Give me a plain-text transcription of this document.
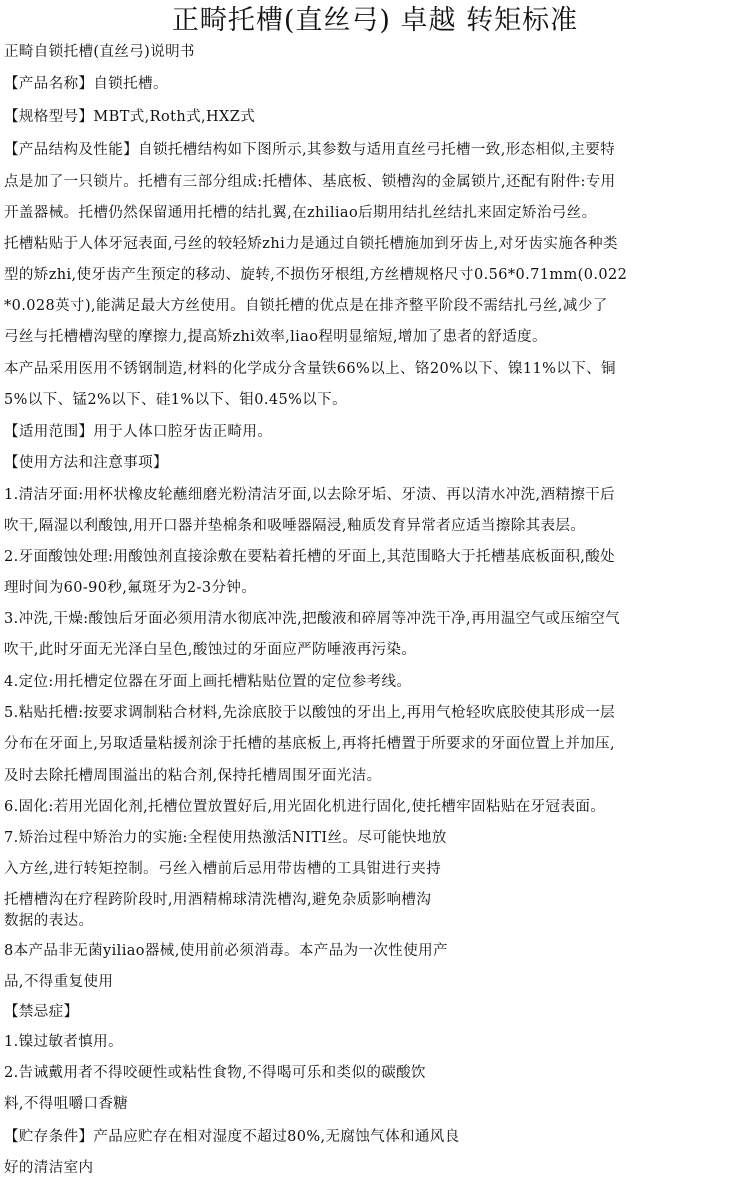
正畸托槽(直丝弓) 卓越 转矩标准
正畸自锁托槽(直丝弓)说明书
【产品名称】自锁托槽。
【规格型号】MBT式,Roth式,HXZ式
【产品结构及性能】自锁托槽结构如下图所示,其参数与适用直丝弓托槽一致,形态相似,主要特
点是加了一只锁片。托槽有三部分组成:托槽体、基底板、锁槽沟的金属锁片,还配有附件:专用
开盖器械。托槽仍然保留通用托槽的结扎翼,在zhiliao后期用结扎丝结扎来固定矫治弓丝。
托槽粘贴于人体牙冠表面,弓丝的较轻矫zhi力是通过自锁托槽施加到牙齿上,对牙齿实施各种类
型的矫zhi,使牙齿产生预定的移动、旋转,不损伤牙根组,方丝槽规格尺寸0.56*0.71mm(0.022
*0.028英寸),能满足最大方丝使用。自锁托槽的优点是在排齐整平阶段不需结扎弓丝,减少了
弓丝与托槽槽沟壁的摩擦力,提高矫zhi效率,liao程明显缩短,增加了患者的舒适度。
本产品采用医用不锈钢制造,材料的化学成分含量铁66%以上、铬20%以下、镍11%以下、铜
5%以下、锰2%以下、硅1%以下、钼0.45%以下。
【适用范围】用于人体口腔牙齿正畸用。
【使用方法和注意事项】
1.清洁牙面:用杯状橡皮轮蘸细磨光粉清洁牙面,以去除牙垢、牙渍、再以清水冲洗,酒精擦干后
吹干,隔湿以利酸蚀,用开口器并垫棉条和吸唾器隔浸,釉质发育异常者应适当擦除其表层。
2.牙面酸蚀处理:用酸蚀剂直接涂敷在要粘着托槽的牙面上,其范围略大于托槽基底板面积,酸处
理时间为60-90秒,氟斑牙为2-3分钟。
3.冲洗,干燥:酸蚀后牙面必须用清水彻底冲洗,把酸液和碎屑等冲洗干净,再用温空气或压缩空气
吹干,此时牙面无光泽白呈色,酸蚀过的牙面应严防唾液再污染。
4.定位:用托槽定位器在牙面上画托槽粘贴位置的定位参考线。
5.粘贴托槽:按要求调制粘合材料,先涂底胶于以酸蚀的牙出上,再用气枪轻吹底胶使其形成一层
分布在牙面上,另取适量粘援剂涂于托槽的基底板上,再将托槽置于所要求的牙面位置上并加压,
及时去除托槽周围溢出的粘合剂,保持托槽周围牙面光洁。
6.固化:若用光固化剂,托槽位置放置好后,用光固化机进行固化,使托槽牢固粘贴在牙冠表面。
7.矫治过程中矫治力的实施:全程使用热激活NITI丝。尽可能快地放
入方丝,进行转矩控制。弓丝入槽前后忌用带齿槽的工具钳进行夹持
托槽槽沟在疗程跨阶段时,用酒精棉球清洗槽沟,避免杂质影响槽沟
数据的表达。
8本产品非无菌yiliao器械,使用前必须消毒。本产品为一次性使用产
品,不得重复使用
【禁忌症】
1.镍过敏者慎用。
2.告诫戴用者不得咬硬性或粘性食物,不得喝可乐和类似的碳酸饮
料,不得咀嚼口香糖
【贮存条件】产品应贮存在相对湿度不超过80%,无腐蚀气体和通风良
好的清洁室内
